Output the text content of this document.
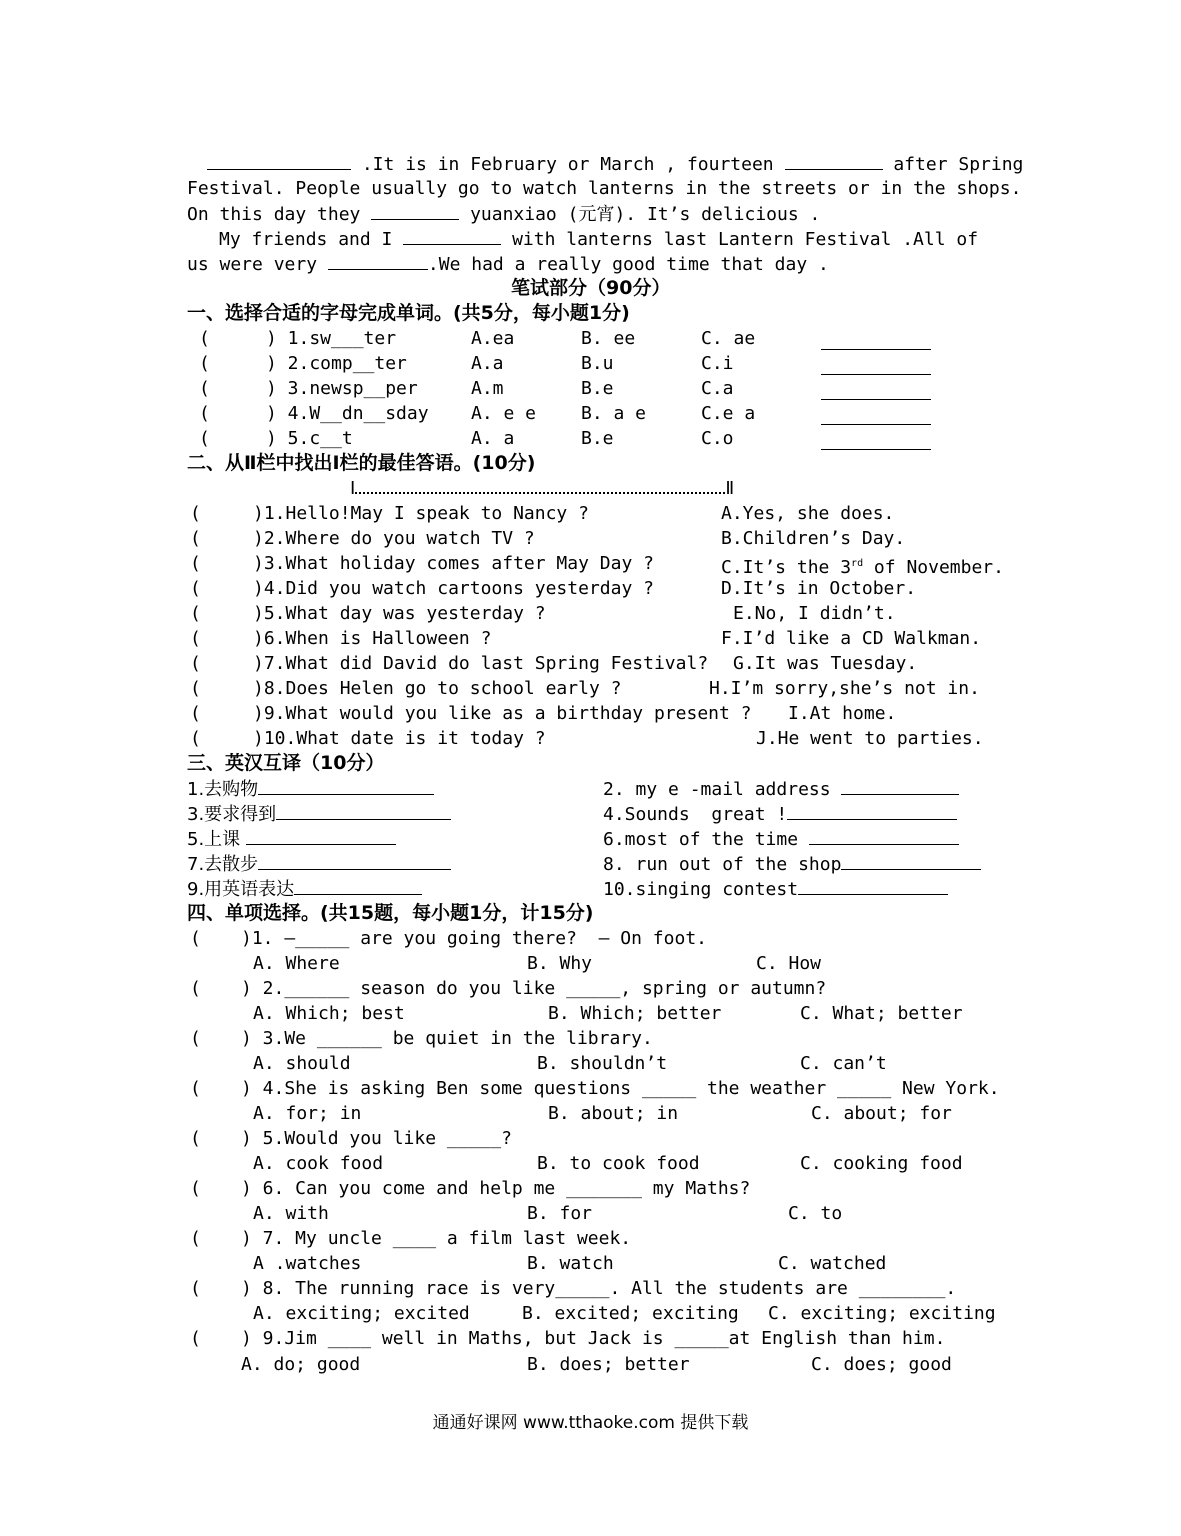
.It is in February or March , fourteen	after Spring
Festival. People usually go to watch lanterns in the streets or in the shops.
On this day they	yuanxiao (元宵). It’s delicious .
My friends and I	with lanterns last Lantern Festival .All of
us were very	.We had a really good time that day .
笔试部分（90分）
一、选择合适的字母完成单词。(共5分，每小题1分)
(	) 1.sw___ter	A.ea	B. ee	C. ae
(	) 2.comp__ter	A.a	B.u	C.i
(	) 3.newsp__per	A.m	B.e	C.a
(	) 4.W__dn__sday A. e e B. a e	C.e a
(	) 5.c__t	A. a	B.e	C.o
二、从Ⅱ栏中找出Ⅰ栏的最佳答语。(10分)
Ⅰ	Ⅱ
(	)1.Hello!May I speak to Nancy ?	A.Yes, she does.
(	)2.Where do you watch TV ?	B.Children’s Day.
(	)3.What holiday comes after May Day ?	C.It’s the 3rd of November.
(	)4.Did you watch cartoons yesterday ?	D.It’s in October.
(	)5.What day was yesterday ?	E.No, I didn’t.
(	)6.When is Halloween ?	F.I’d like a CD Walkman.
(	)7.What did David do last Spring Festival? G.It was Tuesday.
(	)8.Does Helen go to school early ?	H.I’m sorry,she’s not in.
(	)9.What would you like as a birthday present ? I.At home.
(	)10.What date is it today ?	J.He went to parties.
三、英汉互译（10分）
1.去购物	2. my e -mail address
3.要求得到	4.Sounds  great !
5.上课	6.most of the time
7.去散步	8. run out of the shop
9.用英语表达	10.singing contest
四、单项选择。(共15题，每小题1分，计15分)
( )1. —_____ are you going there?  — On foot.
A. Where	B. Why	C. How
( ) 2.______ season do you like _____, spring or autumn?
A. Which; best	B. Which; better	C. What; better
( ) 3.We ______ be quiet in the library.
A. should	B. shouldn’t	C. can’t
( ) 4.She is asking Ben some questions _____ the weather _____ New York.
A. for; in	B. about; in	C. about; for
( ) 5.Would you like _____?
A. cook food	B. to cook food	C. cooking food
( ) 6. Can you come and help me _______ my Maths?
A. with	B. for	C. to
( ) 7. My uncle ____ a film last week.
A .watches	B. watch	C. watched
( ) 8. The running race is very_____. All the students are ________.
A. exciting; excited	B. excited; exciting C. exciting; exciting
( ) 9.Jim ____ well in Maths, but Jack is _____at English than him.
A. do; good	B. does; better	C. does; good
通通好课网 www.tthaoke.com 提供下载
